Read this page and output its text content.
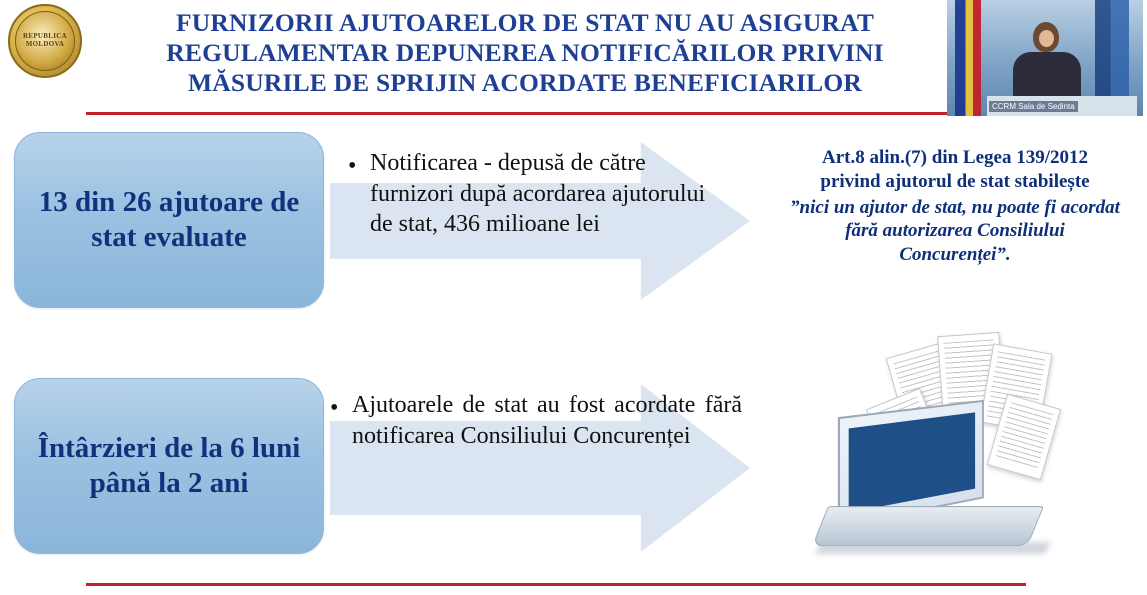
REPUBLICA MOLDOVA
FURNIZORII AJUTOARELOR DE STAT NU AU ASIGURAT REGULAMENTAR DEPUNEREA NOTIFICĂRILOR PRIVINI MĂSURILE DE SPRIJIN ACORDATE BENEFICIARILOR
CCRM Sala de Sedinta
13 din 26 ajutoare de stat evaluate
• Notificarea - depusă de către furnizori după acordarea ajutorului de stat, 436 milioane lei
Art.8 alin.(7) din Legea 139/2012 privind ajutorul de stat stabilește
”nici un ajutor de stat, nu poate fi acordat fără autorizarea Consiliului Concurenței”.
Întârzieri de la 6 luni până la 2 ani
• Ajutoarele de stat au fost acordate fără notificarea Consiliului Concurenței
